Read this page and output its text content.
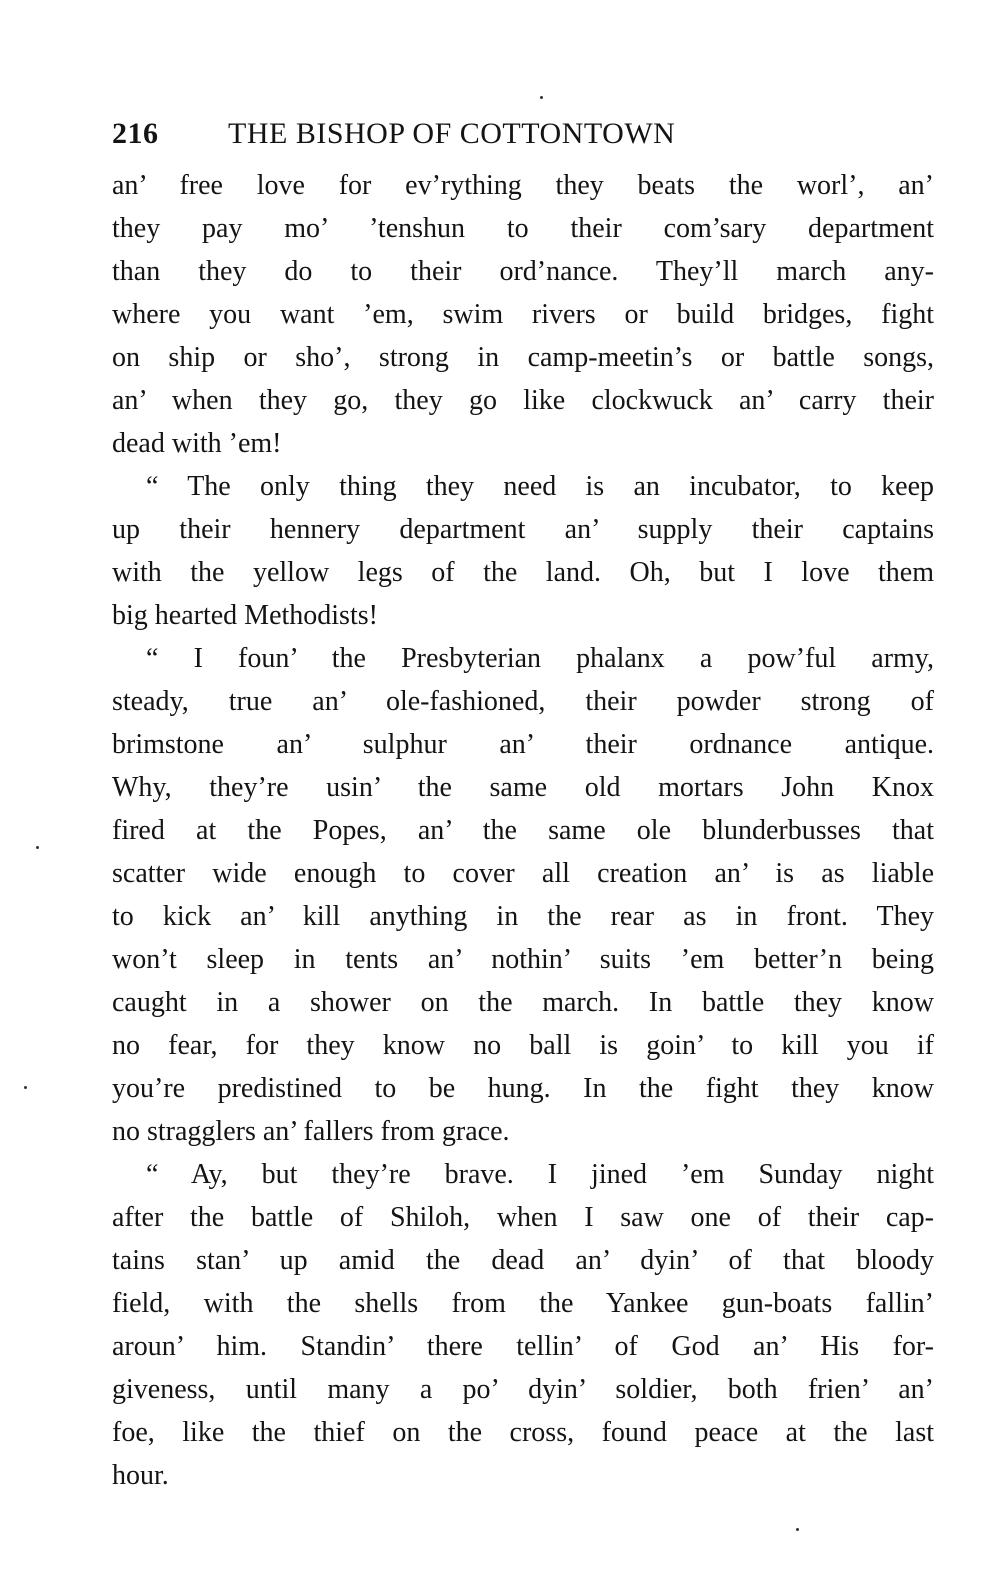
216 THE BISHOP OF COTTONTOWN
an’ free love for ev’rything they beats the worl’, an’
they pay mo’ ’tenshun to their com’sary department
than they do to their ord’nance. They’ll march any-
where you want ’em, swim rivers or build bridges, fight
on ship or sho’, strong in camp-meetin’s or battle songs,
an’ when they go, they go like clockwuck an’ carry their
dead with ’em!
“ The only thing they need is an incubator, to keep
up their hennery department an’ supply their captains
with the yellow legs of the land. Oh, but I love them
big hearted Methodists!
“ I foun’ the Presbyterian phalanx a pow’ful army,
steady, true an’ ole-fashioned, their powder strong of
brimstone an’ sulphur an’ their ordnance antique.
Why, they’re usin’ the same old mortars John Knox
fired at the Popes, an’ the same ole blunderbusses that
scatter wide enough to cover all creation an’ is as liable
to kick an’ kill anything in the rear as in front. They
won’t sleep in tents an’ nothin’ suits ’em better’n being
caught in a shower on the march. In battle they know
no fear, for they know no ball is goin’ to kill you if
you’re predistined to be hung. In the fight they know
no stragglers an’ fallers from grace.
“ Ay, but they’re brave. I jined ’em Sunday night
after the battle of Shiloh, when I saw one of their cap-
tains stan’ up amid the dead an’ dyin’ of that bloody
field, with the shells from the Yankee gun-boats fallin’
aroun’ him. Standin’ there tellin’ of God an’ His for-
giveness, until many a po’ dyin’ soldier, both frien’ an’
foe, like the thief on the cross, found peace at the last
hour.
